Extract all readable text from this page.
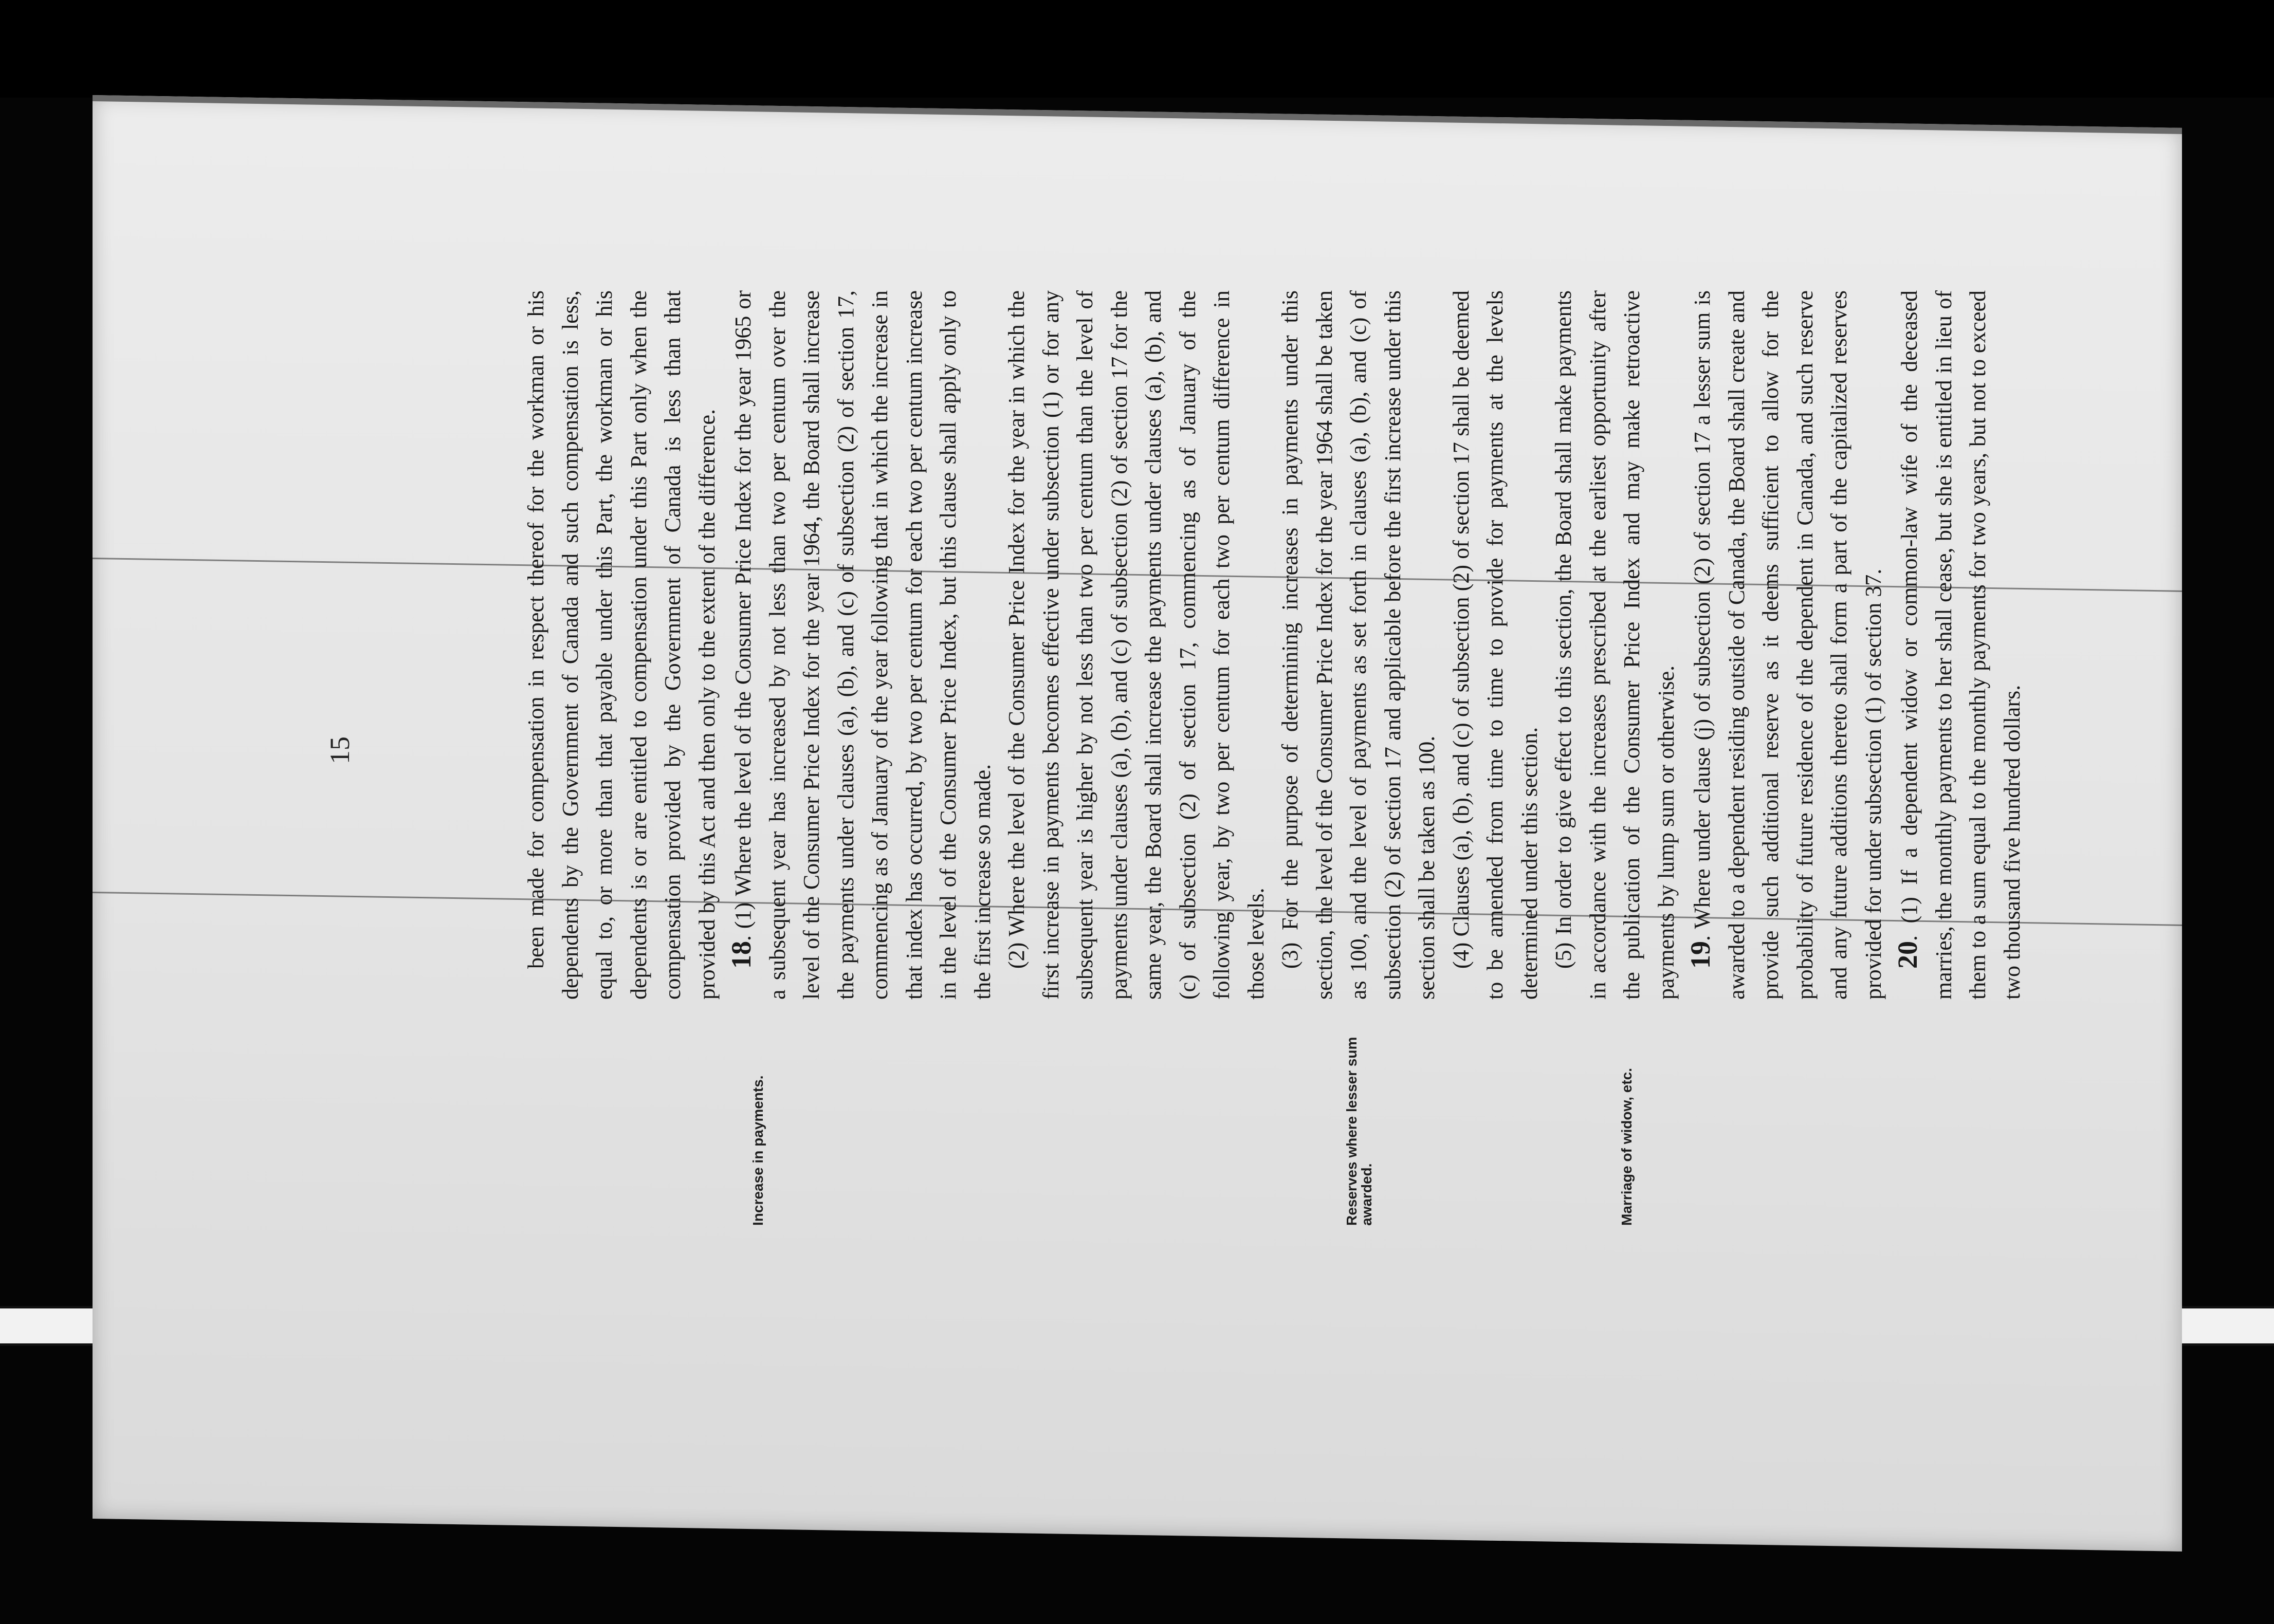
15
Increase in payments.	Reserves where lesser sum awarded.	Marriage of widow, etc.

been made for compensation in respect thereof for the workman or his dependents by the Government of Canada and such compensation is less, equal to, or more than that payable under this Part, the workman or his dependents is or are entitled to compensation under this Part only when the compensation provided by the Government of Canada is less than that provided by this Act and then only to the extent of the difference. 18. (1) Where the level of the Consumer Price Index for the year 1965 or a subsequent year has increased by not less than two per centum over the level of the Consumer Price Index for the year 1964, the Board shall increase the payments under clauses (a), (b), and (c) of subsection (2) of section 17, commencing as of January of the year following that in which the increase in that index has occurred, by two per centum for each two per centum increase in the level of the Consumer Price Index, but this clause shall apply only to the first increase so made. (2) Where the level of the Consumer Price Index for the year in which the first increase in payments becomes effective under subsection (1) or for any subsequent year is higher by not less than two per centum than the level of payments under clauses (a), (b), and (c) of subsection (2) of section 17 for the same year, the Board shall increase the payments under clauses (a), (b), and (c) of subsection (2) of section 17, commencing as of January of the following year, by two per centum for each two per centum difference in those levels. (3) For the purpose of determining increases in payments under this section, the level of the Consumer Price Index for the year 1964 shall be taken as 100, and the level of payments as set forth in clauses (a), (b), and (c) of subsection (2) of section 17 and applicable before the first increase under this section shall be taken as 100. (4) Clauses (a), (b), and (c) of subsection (2) of section 17 shall be deemed to be amended from time to time to provide for payments at the levels determined under this section. (5) In order to give effect to this section, the Board shall make payments in accordance with the increases prescribed at the earliest opportunity after the publication of the Consumer Price Index and may make retroactive payments by lump sum or otherwise. 19. Where under clause (j) of subsection (2) of section 17 a lesser sum is awarded to a dependent residing outside of Canada, the Board shall create and provide such additional reserve as it deems sufficient to allow for the probability of future residence of the dependent in Canada, and such reserve and any future additions thereto shall form a part of the capitalized reserves provided for under subsection (1) of section 37. 20. (1) If a dependent widow or common-law wife of the deceased marries, the monthly payments to her shall cease, but she is entitled in lieu of them to a sum equal to the monthly payments for two years, but not to exceed two thousand five hundred dollars.
